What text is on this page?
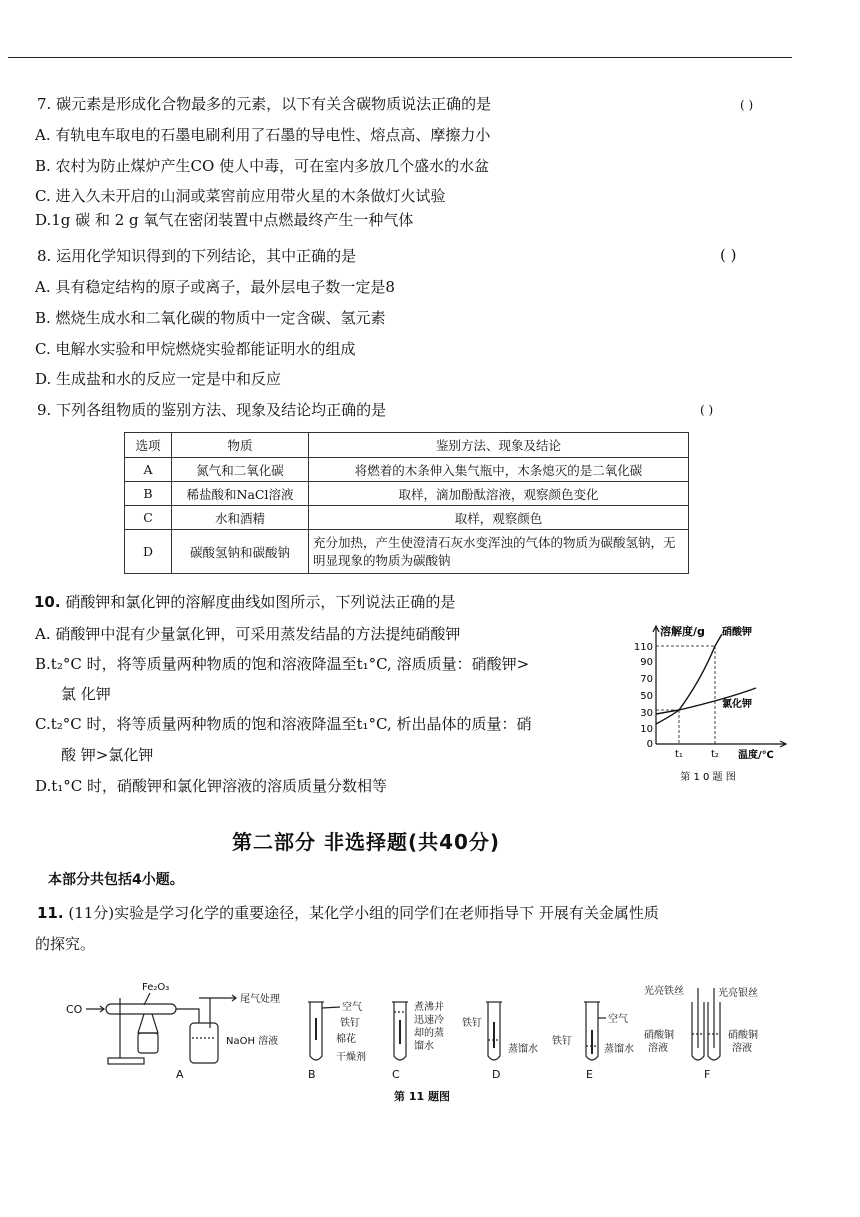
7. 碳元素是形成化合物最多的元素，以下有关含碳物质说法正确的是	( )
A. 有轨电车取电的石墨电刷利用了石墨的导电性、熔点高、摩擦力小
B. 农村为防止煤炉产生CO 使人中毒，可在室内多放几个盛水的水盆
C. 进入久未开启的山洞或菜窖前应用带火星的木条做灯火试验
D.1g 碳 和 2 g 氧气在密闭装置中点燃最终产生一种气体
8. 运用化学知识得到的下列结论，其中正确的是	( )
A. 具有稳定结构的原子或离子，最外层电子数一定是8
B. 燃烧生成水和二氧化碳的物质中一定含碳、氢元素
C. 电解水实验和甲烷燃烧实验都能证明水的组成
D. 生成盐和水的反应一定是中和反应
9. 下列各组物质的鉴别方法、现象及结论均正确的是	( )
选项	物质	鉴别方法、现象及结论
A	氮气和二氧化碳	将燃着的木条伸入集气瓶中，木条熄灭的是二氧化碳
B	稀盐酸和NaCl溶液	取样，滴加酚酞溶液，观察颜色变化
C	水和酒精	取样，观察颜色
D	碳酸氢钠和碳酸钠	充分加热，产生使澄清石灰水变浑浊的气体的物质为碳酸氢钠，无明显现象的物质为碳酸钠
10. 硝酸钾和氯化钾的溶解度曲线如图所示，下列说法正确的是
A. 硝酸钾中混有少量氯化钾，可采用蒸发结晶的方法提纯硝酸钾
B.t₂°C 时，将等质量两种物质的饱和溶液降温至t₁°C, 溶质质量：硝酸钾>
氯 化钾
C.t₂°C 时，将等质量两种物质的饱和溶液降温至t₁°C, 析出晶体的质量：硝
酸 钾>氯化钾
D.t₁°C 时，硝酸钾和氯化钾溶液的溶质质量分数相等
110
90
70
50
30
10
0
溶解度/g 硝酸钾
氯化钾
t₁	t₂ 温度/℃
第 1 0 题 图
第二部分 非选择题(共40分)
本部分共包括4小题。
11. (11分)实验是学习化学的重要途径，某化学小组的同学们在老师指导下 开展有关金属性质
的探究。
CO
Fe₂O₃
尾气处理
NaOH 溶液
A
空气
铁钉
棉花
干燥剂
B
煮沸并
迅速冷
却的蒸
馏水
C
铁钉
蒸馏水
D
空气
铁钉
蒸馏水
E
光亮铁丝	光亮银丝
硝酸铜
溶液
硝酸铜
溶液
F
第 11 题图
